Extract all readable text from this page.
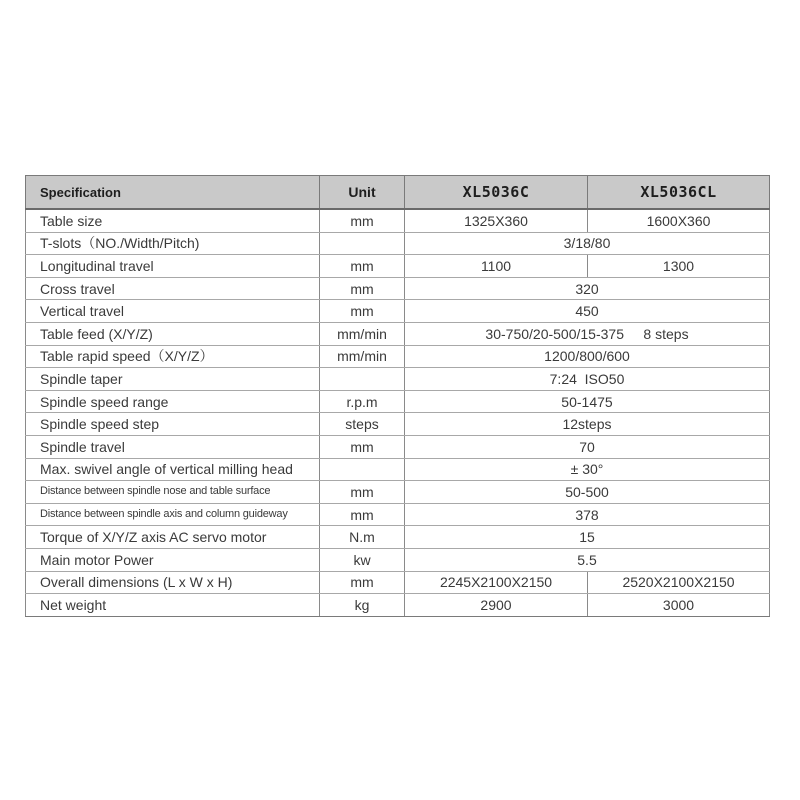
Specification	Unit	XL5036C	XL5036CL
Table size	mm	1325X360	1600X360
T-slots（NO./Width/Pitch)		3/18/80	
Longitudinal travel	mm	1100	1300
Cross travel	mm	320	
Vertical travel	mm	450	
Table feed (X/Y/Z)	mm/min	30-750/20-500/15-375     8 steps	
Table rapid speed（X/Y/Z）	mm/min	1200/800/600	
Spindle taper		7:24  ISO50	
Spindle speed range	r.p.m	50-1475	
Spindle speed step	steps	12steps	
Spindle travel	mm	70	
Max. swivel angle of vertical milling head		± 30°	
Distance between spindle nose and table surface	mm	50-500	
Distance between spindle axis and column guideway	mm	378	
Torque of X/Y/Z axis AC servo motor	N.m	15	
Main motor Power	kw	5.5	
Overall dimensions (L x W x H)	mm	2245X2100X2150	2520X2100X2150
Net weight	kg	2900	3000
